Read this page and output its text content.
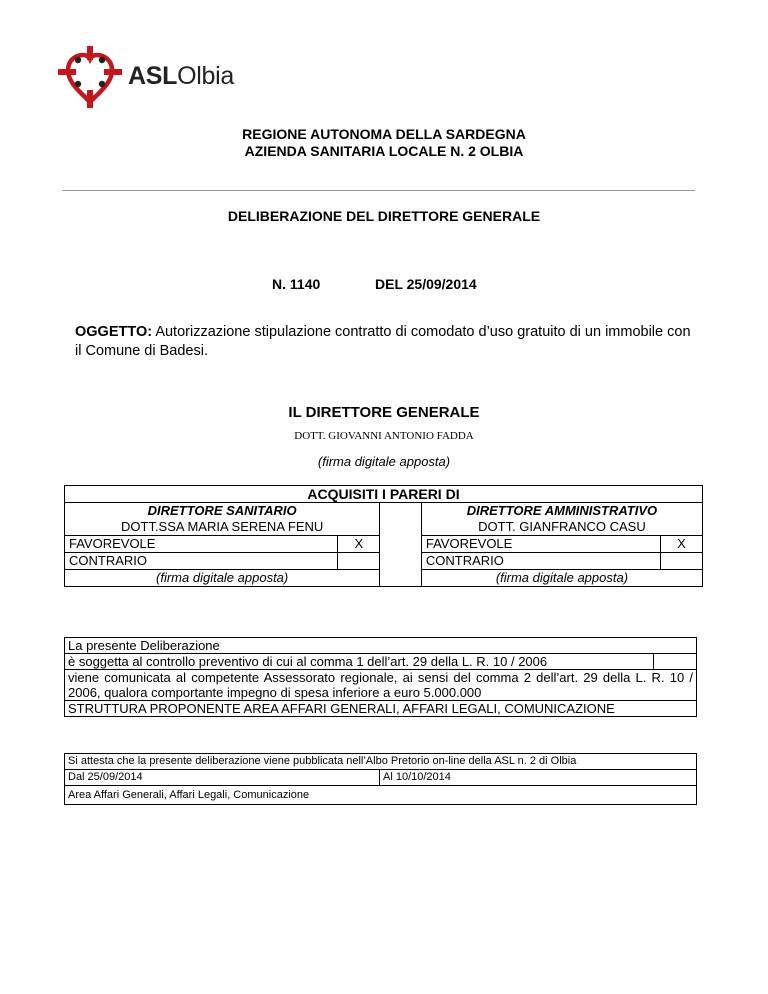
ASLOlbia
REGIONE AUTONOMA DELLA SARDEGNA
AZIENDA SANITARIA LOCALE N. 2 OLBIA
DELIBERAZIONE DEL DIRETTORE GENERALE
N. 1140	DEL 25/09/2014
OGGETTO: Autorizzazione stipulazione contratto di comodato d’uso gratuito di un immobile con il Comune di Badesi.
IL DIRETTORE GENERALE
DOTT. GIOVANNI ANTONIO FADDA
(firma digitale apposta)
ACQUISITI I PARERI DI				
DIRETTORE SANITARIO			DIRETTORE AMMINISTRATIVO	
DOTT.SSA MARIA SERENA FENU			DOTT. GIANFRANCO CASU	
FAVOREVOLE	X		FAVOREVOLE	X
CONTRARIO			CONTRARIO	
(firma digitale apposta)			(firma digitale apposta)	
La presente Deliberazione
è soggetta al controllo preventivo di cui al comma 1 dell’art. 29 della L. R. 10 / 2006	
viene comunicata al competente Assessorato regionale, ai sensi del comma 2 dell’art. 29 della L. R. 10 / 2006, qualora comportante impegno di spesa inferiore a euro 5.000.000
STRUTTURA PROPONENTE AREA AFFARI GENERALI, AFFARI LEGALI, COMUNICAZIONE
Si attesta che la presente deliberazione viene pubblicata nell’Albo Pretorio on-line della ASL n. 2 di Olbia
Dal 25/09/2014	Al 10/10/2014
Area Affari Generali, Affari Legali, Comunicazione
